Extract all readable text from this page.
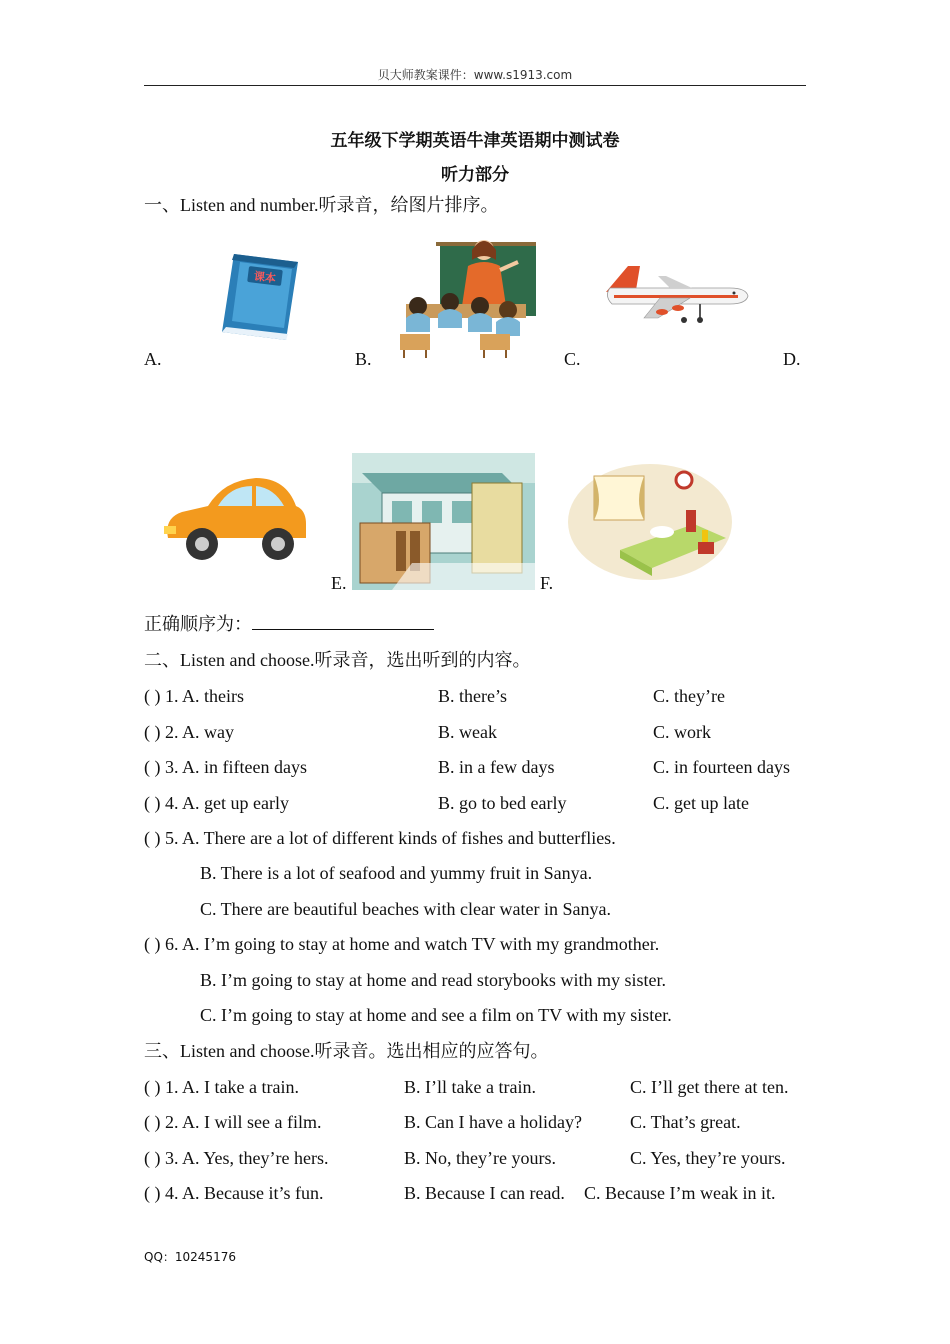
贝大师教案课件：www.s1913.com
五年级下学期英语牛津英语期中测试卷
听力部分
一、Listen and number.听录音，给图片排序。
课本
A.	B.	C.	D.
E.	F.
正确顺序为：
二、Listen and choose.听录音，选出听到的内容。
( ) 1. A. theirs	B. there’s	C. they’re
( ) 2. A. way	B. weak	C. work
( ) 3. A. in fifteen days	B. in a few days	C. in fourteen days
( ) 4. A. get up early	B. go to bed early	C. get up late
( ) 5. A. There are a lot of different kinds of fishes and butterflies.
B. There is a lot of seafood and yummy fruit in Sanya.
C. There are beautiful beaches with clear water in Sanya.
( ) 6. A. I’m going to stay at home and watch TV with my grandmother.
B. I’m going to stay at home and read storybooks with my sister.
C. I’m going to stay at home and see a film on TV with my sister.
三、Listen and choose.听录音。选出相应的应答句。
( ) 1. A. I take a train.	B. I’ll take a train.	C. I’ll get there at ten.
( ) 2. A. I will see a film.	B. Can I have a holiday?	C. That’s great.
( ) 3. A. Yes, they’re hers.	B. No, they’re yours.	C. Yes, they’re yours.
( ) 4. A. Because it’s fun.	B. Because I can read. C. Because I’m weak in it.
QQ：10245176
